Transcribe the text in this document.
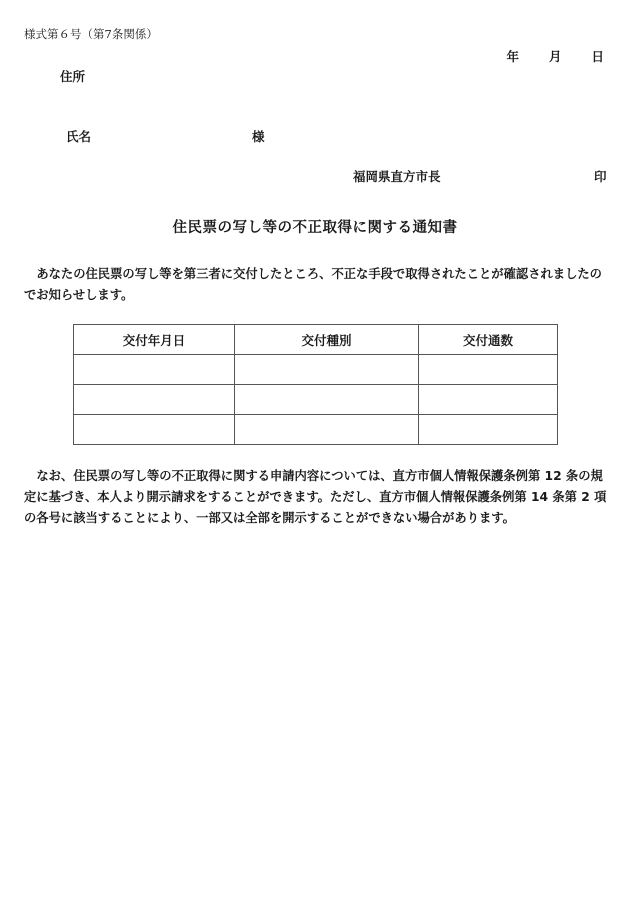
様式第６号（第7条関係）
年 月 日
住所
氏名	様
福岡県直方市長	印
住民票の写し等の不正取得に関する通知書
　あなたの住民票の写し等を第三者に交付したところ、不正な手段で取得されたことが確認されましたのでお知らせします。
交付年月日	交付種別	交付通数

　なお、住民票の写し等の不正取得に関する申請内容については、直方市個人情報保護条例第 12 条の規定に基づき、本人より開示請求をすることができます。ただし、直方市個人情報保護条例第 14 条第 2 項の各号に該当することにより、一部又は全部を開示することができない場合があります。
